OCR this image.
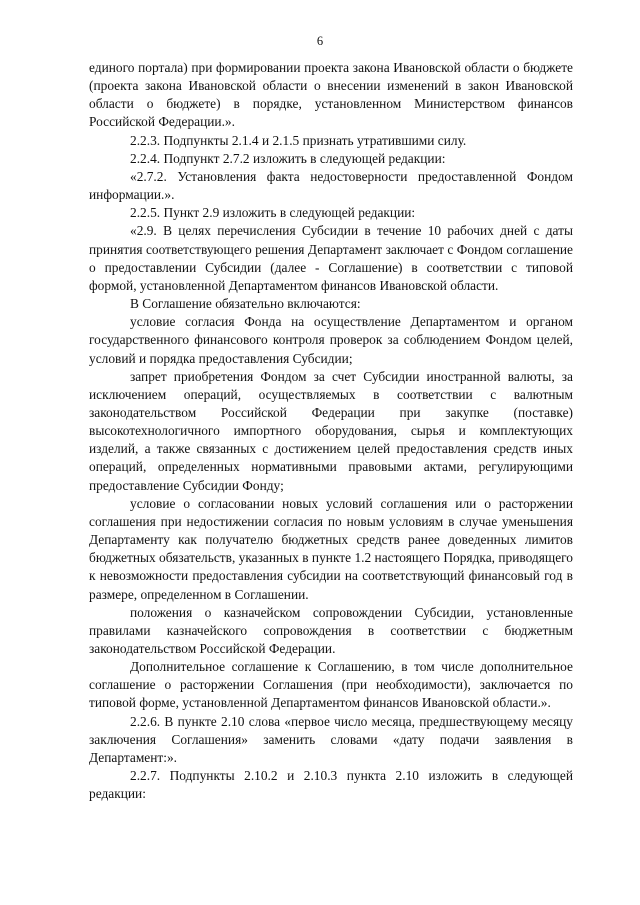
6

единого портала) при формировании проекта закона Ивановской области о бюджете (проекта закона Ивановской области о внесении изменений в закон Ивановской области о бюджете) в порядке, установленном Министерством финансов Российской Федерации.».

2.2.3. Подпункты 2.1.4 и 2.1.5 признать утратившими силу.

2.2.4. Подпункт 2.7.2 изложить в следующей редакции:

«2.7.2. Установления факта недостоверности предоставленной Фондом информации.».

2.2.5. Пункт 2.9 изложить в следующей редакции:

«2.9. В целях перечисления Субсидии в течение 10 рабочих дней с даты принятия соответствующего решения Департамент заключает с Фондом соглашение о предоставлении Субсидии (далее - Соглашение) в соответствии с типовой формой, установленной Департаментом финансов Ивановской области.

В Соглашение обязательно включаются:

условие согласия Фонда на осуществление Департаментом и органом государственного финансового контроля проверок за соблюдением Фондом целей, условий и порядка предоставления Субсидии;

запрет приобретения Фондом за счет Субсидии иностранной валюты, за исключением операций, осуществляемых в соответствии с валютным законодательством Российской Федерации при закупке (поставке) высокотехнологичного импортного оборудования, сырья и комплектующих изделий, а также связанных с достижением целей предоставления средств иных операций, определенных нормативными правовыми актами, регулирующими предоставление Субсидии Фонду;

условие о согласовании новых условий соглашения или о расторжении соглашения при недостижении согласия по новым условиям в случае уменьшения Департаменту как получателю бюджетных средств ранее доведенных лимитов бюджетных обязательств, указанных в пункте 1.2 настоящего Порядка, приводящего к невозможности предоставления субсидии на соответствующий финансовый год в размере, определенном в Соглашении.

положения о казначейском сопровождении Субсидии, установленные правилами казначейского сопровождения в соответствии с бюджетным законодательством Российской Федерации.

Дополнительное соглашение к Соглашению, в том числе дополнительное соглашение о расторжении Соглашения (при необходимости), заключается по типовой форме, установленной Департаментом финансов Ивановской области.».

2.2.6. В пункте 2.10 слова «первое число месяца, предшествующему месяцу заключения Соглашения» заменить словами «дату подачи заявления в Департамент:».

2.2.7. Подпункты 2.10.2 и 2.10.3 пункта 2.10 изложить в следующей редакции:
